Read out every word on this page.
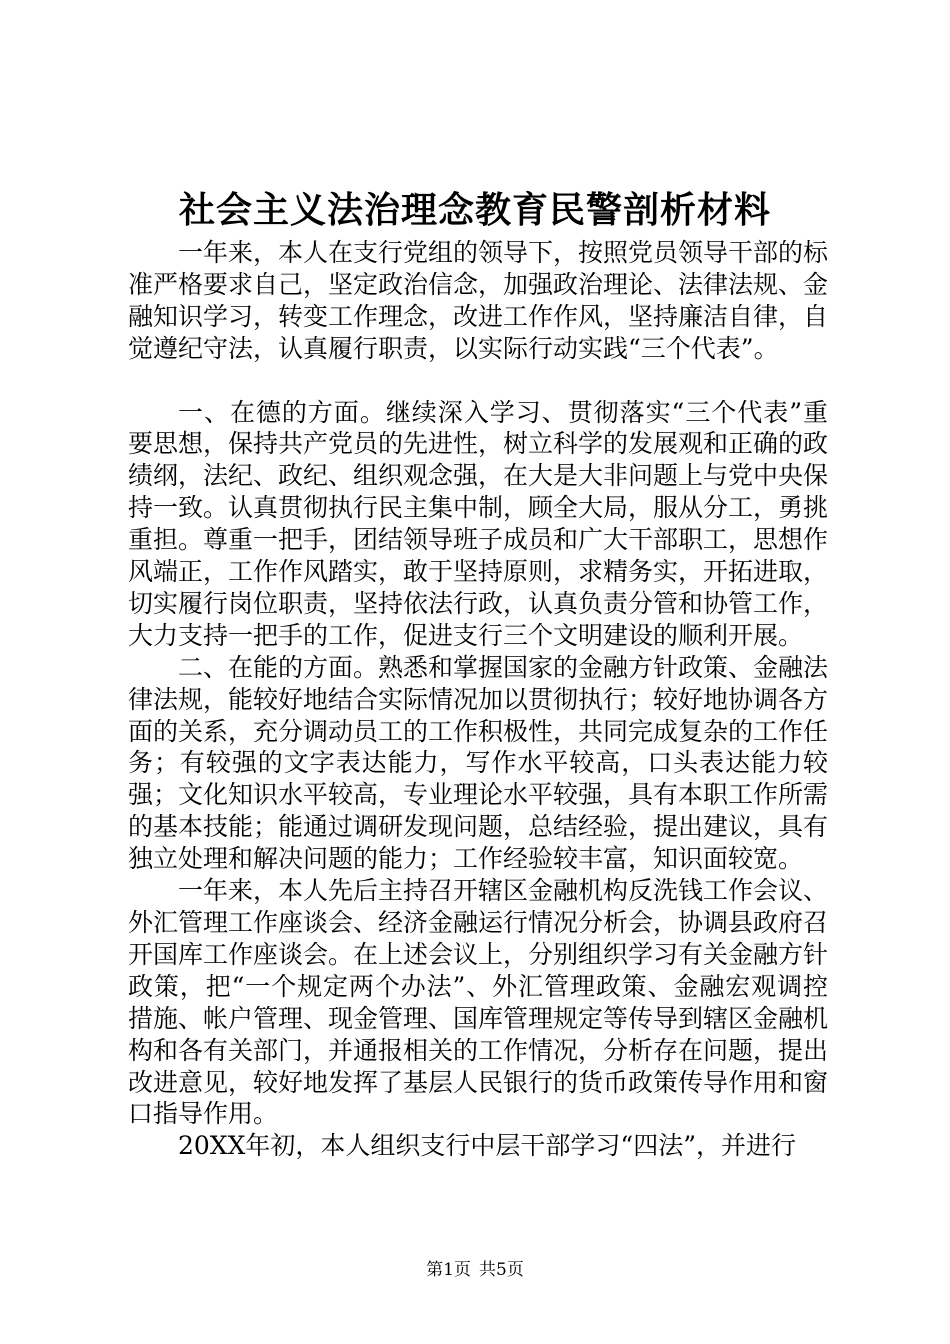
社会主义法治理念教育民警剖析材料

一年来，本人在支行党组的领导下，按照党员领导干部的标准严格要求自己，坚定政治信念，加强政治理论、法律法规、金融知识学习，转变工作理念，改进工作作风，坚持廉洁自律，自觉遵纪守法，认真履行职责，以实际行动实践“三个代表”。

一、在德的方面。继续深入学习、贯彻落实“三个代表”重要思想，保持共产党员的先进性，树立科学的发展观和正确的政绩纲，法纪、政纪、组织观念强，在大是大非问题上与党中央保持一致。认真贯彻执行民主集中制，顾全大局，服从分工，勇挑重担。尊重一把手，团结领导班子成员和广大干部职工，思想作风端正，工作作风踏实，敢于坚持原则，求精务实，开拓进取，切实履行岗位职责，坚持依法行政，认真负责分管和协管工作，大力支持一把手的工作，促进支行三个文明建设的顺利开展。

二、在能的方面。熟悉和掌握国家的金融方针政策、金融法律法规，能较好地结合实际情况加以贯彻执行；较好地协调各方面的关系，充分调动员工的工作积极性，共同完成复杂的工作任务；有较强的文字表达能力，写作水平较高，口头表达能力较强；文化知识水平较高，专业理论水平较强，具有本职工作所需的基本技能；能通过调研发现问题，总结经验，提出建议，具有独立处理和解决问题的能力；工作经验较丰富，知识面较宽。

一年来，本人先后主持召开辖区金融机构反洗钱工作会议、外汇管理工作座谈会、经济金融运行情况分析会，协调县政府召开国库工作座谈会。在上述会议上，分别组织学习有关金融方针政策，把“一个规定两个办法”、外汇管理政策、金融宏观调控措施、帐户管理、现金管理、国库管理规定等传导到辖区金融机构和各有关部门，并通报相关的工作情况，分析存在问题，提出改进意见，较好地发挥了基层人民银行的货币政策传导作用和窗口指导作用。

20XX年初，本人组织支行中层干部学习“四法”，并进行

第1页 共5页
